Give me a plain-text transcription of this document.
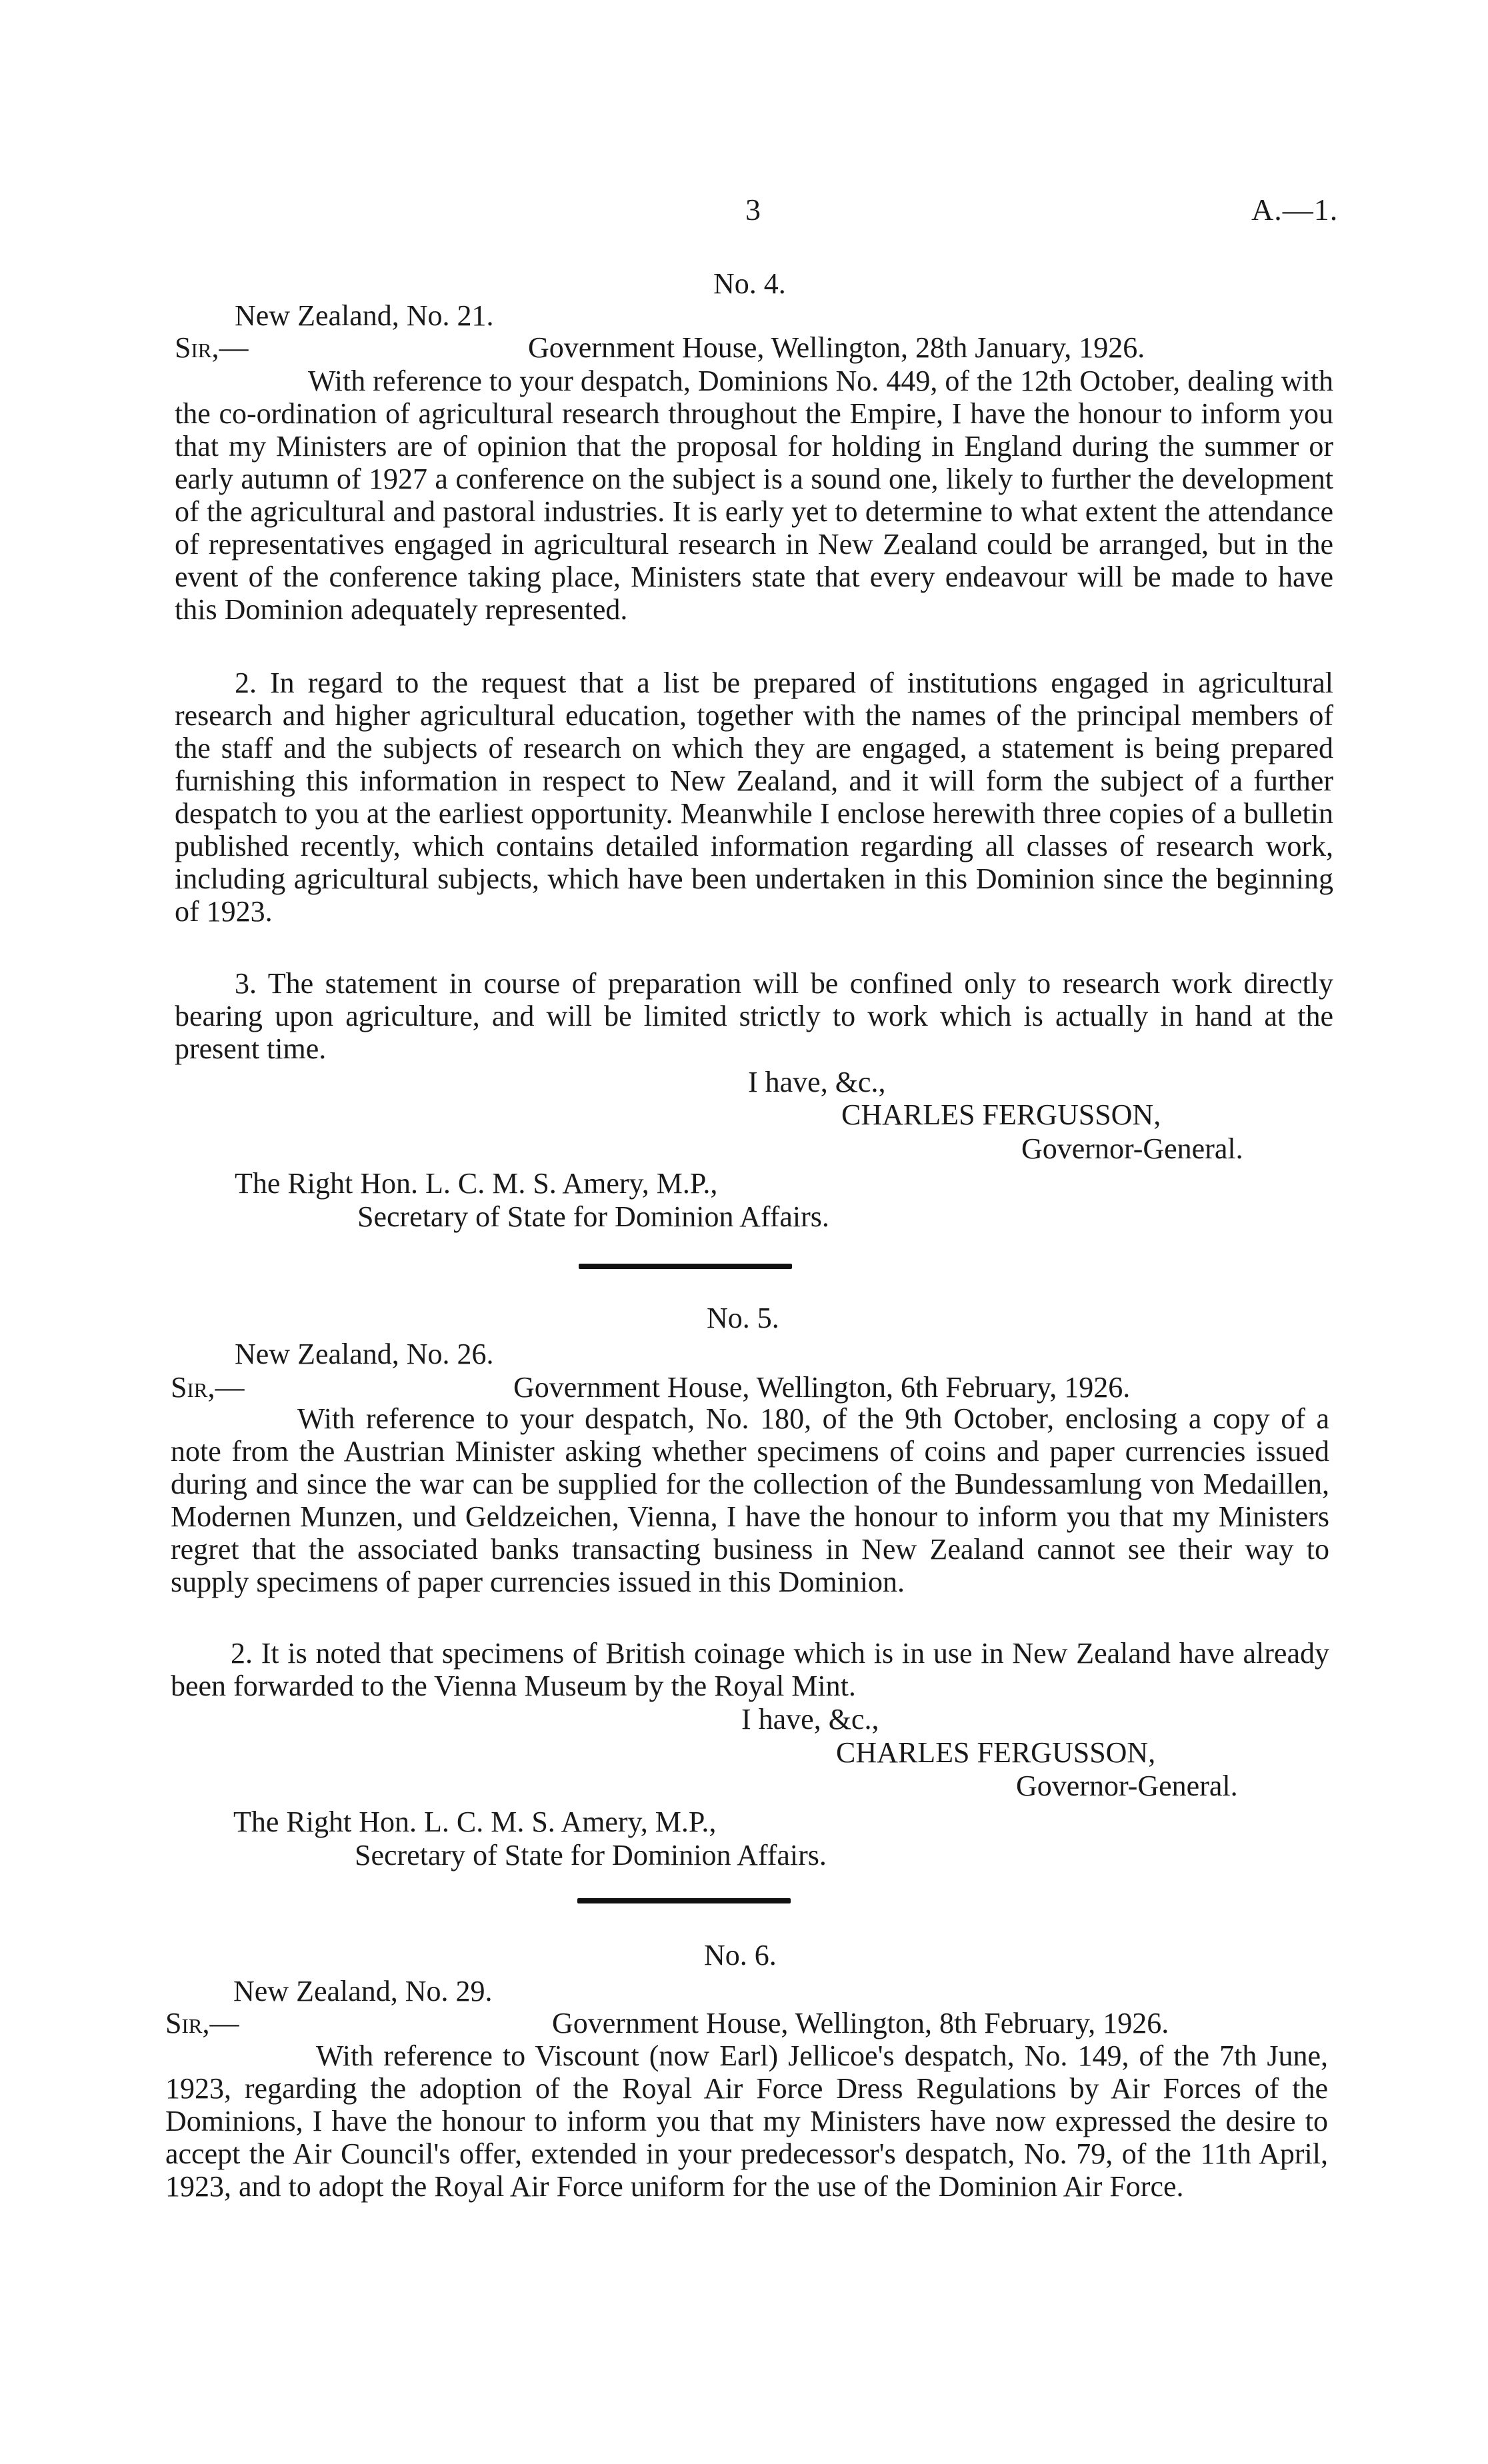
3	A.—1.
No. 4.
New Zealand, No. 21.
Sir,—	Government House, Wellington, 28th January, 1926.
With reference to your despatch, Dominions No. 449, of the 12th October, dealing with the co-ordination of agricultural research throughout the Empire, I have the honour to inform you that my Ministers are of opinion that the proposal for holding in England during the summer or early autumn of 1927 a conference on the subject is a sound one, likely to further the development of the agricultural and pastoral industries. It is early yet to determine to what extent the attendance of representatives engaged in agricultural research in New Zealand could be arranged, but in the event of the conference taking place, Ministers state that every endeavour will be made to have this Dominion adequately represented.
2. In regard to the request that a list be prepared of institutions engaged in agricultural research and higher agricultural education, together with the names of the principal members of the staff and the subjects of research on which they are engaged, a statement is being prepared furnishing this information in respect to New Zealand, and it will form the subject of a further despatch to you at the earliest opportunity. Meanwhile I enclose herewith three copies of a bulletin published recently, which contains detailed information regarding all classes of research work, including agricultural subjects, which have been undertaken in this Dominion since the beginning of 1923.
3. The statement in course of preparation will be confined only to research work directly bearing upon agriculture, and will be limited strictly to work which is actually in hand at the present time.
I have, &c.,
CHARLES FERGUSSON,
Governor-General.
The Right Hon. L. C. M. S. Amery, M.P.,
Secretary of State for Dominion Affairs.
No. 5.
New Zealand, No. 26.
Sir,—	Government House, Wellington, 6th February, 1926.
With reference to your despatch, No. 180, of the 9th October, enclosing a copy of a note from the Austrian Minister asking whether specimens of coins and paper currencies issued during and since the war can be supplied for the collection of the Bundessamlung von Medaillen, Modernen Munzen, und Geldzeichen, Vienna, I have the honour to inform you that my Ministers regret that the associated banks transacting business in New Zealand cannot see their way to supply specimens of paper currencies issued in this Dominion.
2. It is noted that specimens of British coinage which is in use in New Zealand have already been forwarded to the Vienna Museum by the Royal Mint.
I have, &c.,
CHARLES FERGUSSON,
Governor-General.
The Right Hon. L. C. M. S. Amery, M.P.,
Secretary of State for Dominion Affairs.
No. 6.
New Zealand, No. 29.
Sir,—	Government House, Wellington, 8th February, 1926.
With reference to Viscount (now Earl) Jellicoe's despatch, No. 149, of the 7th June, 1923, regarding the adoption of the Royal Air Force Dress Regulations by Air Forces of the Dominions, I have the honour to inform you that my Ministers have now expressed the desire to accept the Air Council's offer, extended in your predecessor's despatch, No. 79, of the 11th April, 1923, and to adopt the Royal Air Force uniform for the use of the Dominion Air Force.
